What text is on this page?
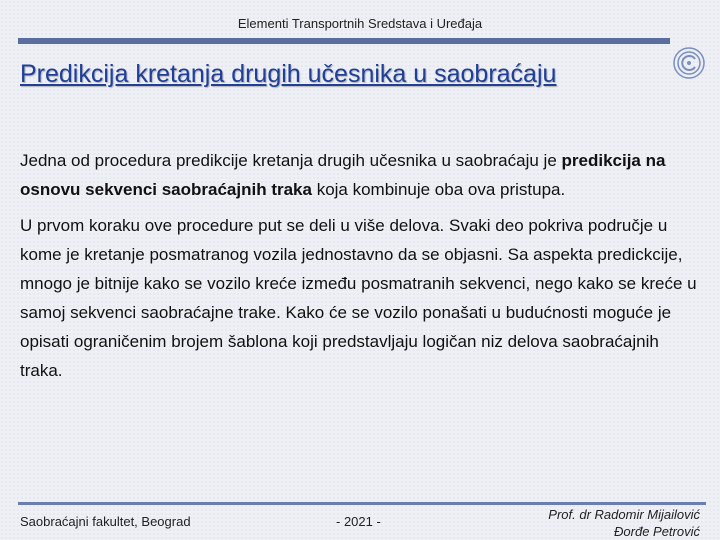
Elementi Transportnih Sredstava i Uređaja
Predikcija kretanja drugih učesnika u saobraćaju

Jedna od procedura predikcije kretanja drugih učesnika u saobraćaju je predikcija na osnovu sekvenci saobraćajnih traka koja kombinuje oba ova pristupa.

U prvom koraku ove procedure put se deli u više delova. Svaki deo pokriva područje u kome je kretanje posmatranog vozila jednostavno da se objasni. Sa aspekta predickcije, mnogo je bitnije kako se vozilo kreće između posmatranih sekvenci, nego kako se kreće u samoj sekvenci saobraćajne trake. Kako će se vozilo ponašati u budućnosti moguće je opisati ograničenim brojem šablona koji predstavljaju logičan niz delova saobraćajnih traka.

Saobraćajni fakultet, Beograd	- 2021 -	Prof. dr Radomir Mijailović
Đorđe Petrović
